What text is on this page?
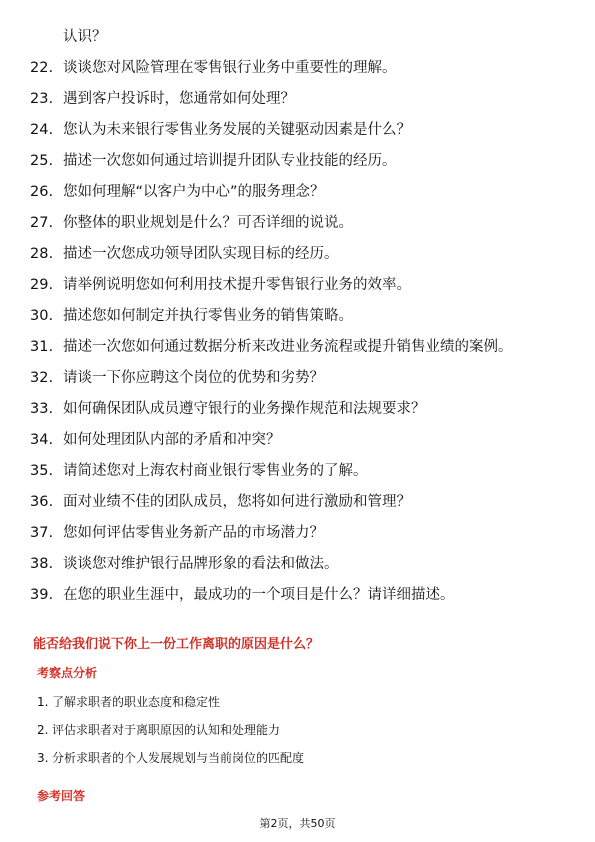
认识？
22. 谈谈您对风险管理在零售银行业务中重要性的理解。
23. 遇到客户投诉时，您通常如何处理？
24. 您认为未来银行零售业务发展的关键驱动因素是什么？
25. 描述一次您如何通过培训提升团队专业技能的经历。
26. 您如何理解“以客户为中心”的服务理念？
27. 你整体的职业规划是什么？可否详细的说说。
28. 描述一次您成功领导团队实现目标的经历。
29. 请举例说明您如何利用技术提升零售银行业务的效率。
30. 描述您如何制定并执行零售业务的销售策略。
31. 描述一次您如何通过数据分析来改进业务流程或提升销售业绩的案例。
32. 请谈一下你应聘这个岗位的优势和劣势？
33. 如何确保团队成员遵守银行的业务操作规范和法规要求？
34. 如何处理团队内部的矛盾和冲突？
35. 请简述您对上海农村商业银行零售业务的了解。
36. 面对业绩不佳的团队成员，您将如何进行激励和管理？
37. 您如何评估零售业务新产品的市场潜力？
38. 谈谈您对维护银行品牌形象的看法和做法。
39. 在您的职业生涯中，最成功的一个项目是什么？请详细描述。
能否给我们说下你上一份工作离职的原因是什么？
考察点分析
1. 了解求职者的职业态度和稳定性
2. 评估求职者对于离职原因的认知和处理能力
3. 分析求职者的个人发展规划与当前岗位的匹配度
参考回答
第2页，共50页
